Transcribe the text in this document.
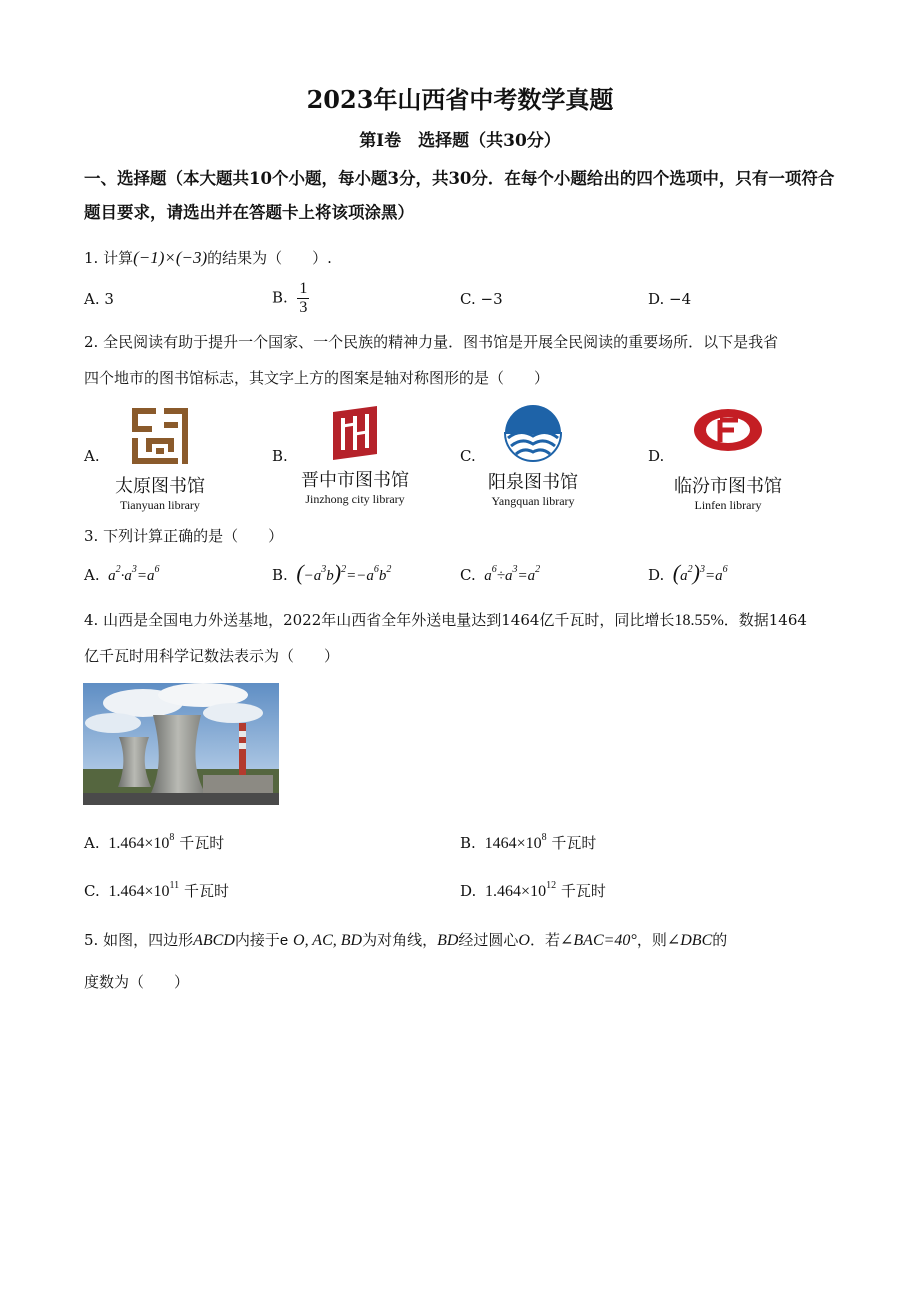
2023年山西省中考数学真题
第Ⅰ卷　选择题（共30分）
一、选择题（本大题共10个小题，每小题3分，共30分．在每个小题给出的四个选项中，只有一项符合题目要求，请选出并在答题卡上将该项涂黑）
1. 计算(−1)×(−3)的结果为（　　）.
A. 3	B. $\frac{1}{3}$	C. −3	D. −4
2. 全民阅读有助于提升一个国家、一个民族的精神力量．图书馆是开展全民阅读的重要场所．以下是我省
四个地市的图书馆标志，其文字上方的图案是轴对称图形的是（　　）
A.
太原图书馆
Tianyuan library
B.
晋中市图书馆
Jinzhong city library
C.
阳泉图书馆
Yangquan library
D.
临汾市图书馆
Linfen library
3. 下列计算正确的是（　　）
A.  $a^2\cdot a^3=a^6$	B. $(-a^3b)^2=-a^6b^2$	C.  $a^6\div a^3=a^2$	D. $(a^2)^3=a^6$
4. 山西是全国电力外送基地，2022年山西省全年外送电量达到1464亿千瓦时，同比增长18.55%．数据1464
亿千瓦时用科学记数法表示为（　　）
A. $1.464\times 10^8$ 千瓦时	B. $1464\times 10^8$ 千瓦时
C. $1.464\times 10^{11}$ 千瓦时	D. $1.464\times 10^{12}$ 千瓦时
5. 如图，四边形ABCD内接于e O, AC, BD为对角线，BD经过圆心O．若∠BAC=40°，则∠DBC的
度数为（　　）
